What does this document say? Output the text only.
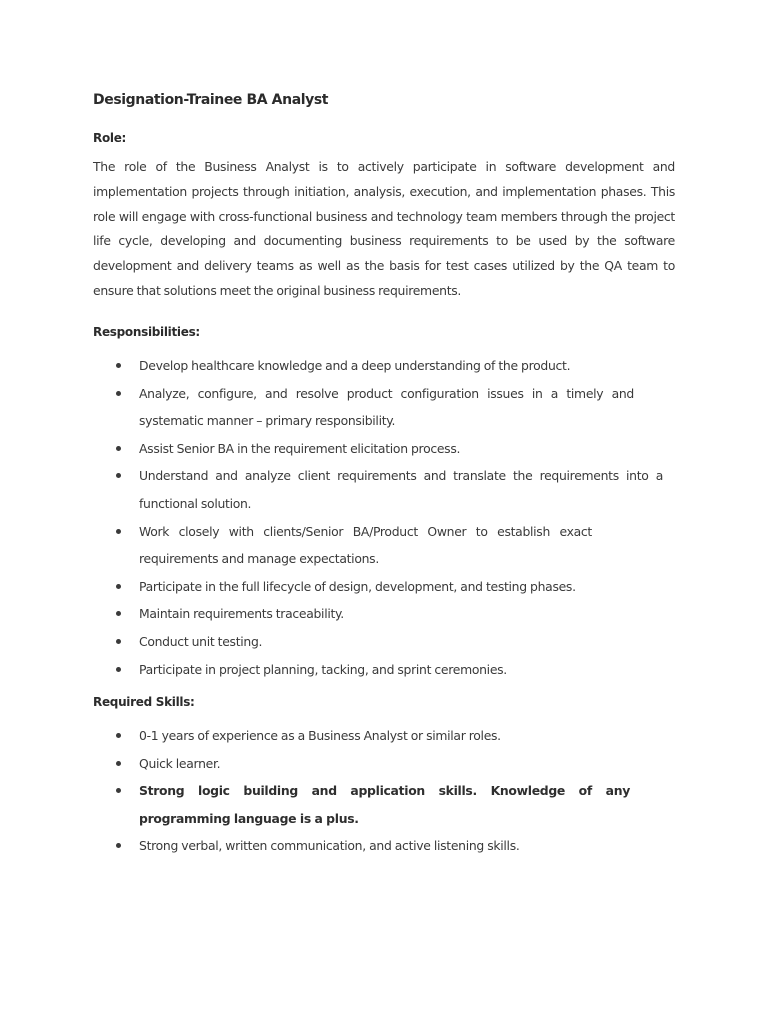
Designation-Trainee BA Analyst
Role:

The role of the Business Analyst is to actively participate in software development and implementation projects through initiation, analysis, execution, and implementation phases. This role will engage with cross-functional business and technology team members through the project life cycle, developing and documenting business requirements to be used by the software development and delivery teams as well as the basis for test cases utilized by the QA team to ensure that solutions meet the original business requirements.

Responsibilities:
Develop healthcare knowledge and a deep understanding of the product.
Analyze, configure, and resolve product configuration issues in a timely and systematic manner – primary responsibility.
Assist Senior BA in the requirement elicitation process.
Understand and analyze client requirements and translate the requirements into a functional solution.
Work closely with clients/Senior BA/Product Owner to establish exact requirements and manage expectations.
Participate in the full lifecycle of design, development, and testing phases.
Maintain requirements traceability.
Conduct unit testing.
Participate in project planning, tacking, and sprint ceremonies.
Required Skills:
0-1 years of experience as a Business Analyst or similar roles.
Quick learner.
Strong logic building and application skills. Knowledge of any programming language is a plus.
Strong verbal, written communication, and active listening skills.
